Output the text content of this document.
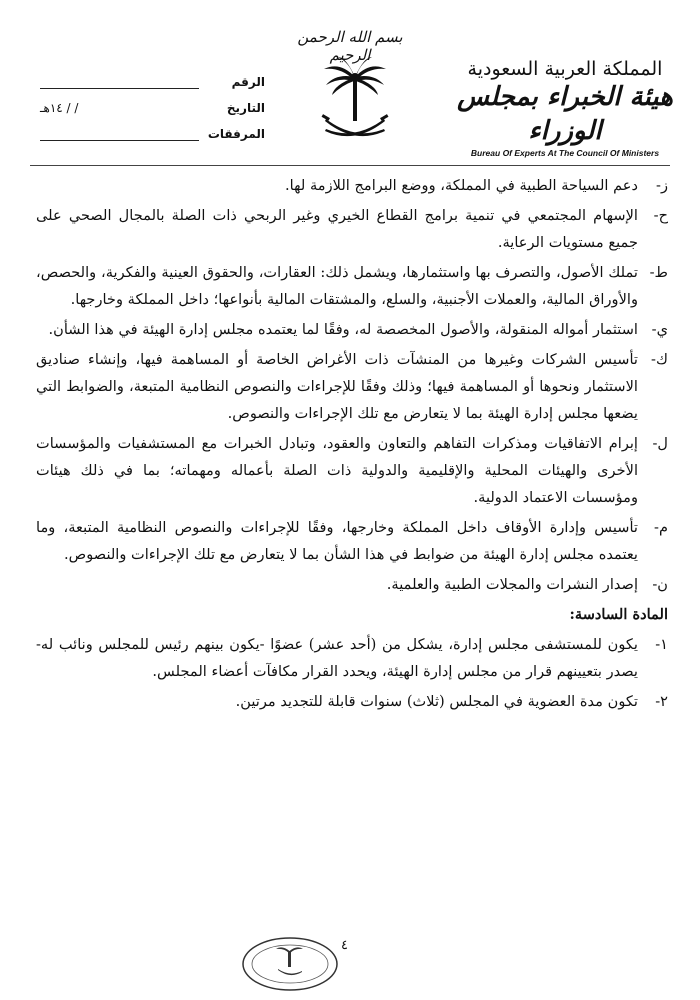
بسم الله الرحمن الرحيم
المملكة العربية السعودية
هيئة الخبراء بمجلس الوزراء
Bureau Of Experts At The Council Of Ministers
الرقم
التاريخ
/ / ١٤هـ
المرفقات
ز-
دعم السياحة الطبية في المملكة، ووضع البرامج اللازمة لها.
ح-
الإسهام المجتمعي في تنمية برامج القطاع الخيري وغير الربحي ذات الصلة بالمجال الصحي على جميع مستويات الرعاية.
ط-
تملك الأصول، والتصرف بها واستثمارها، ويشمل ذلك: العقارات، والحقوق العينية والفكرية، والحصص، والأوراق المالية، والعملات الأجنبية، والسلع، والمشتقات المالية بأنواعها؛ داخل المملكة وخارجها.
ي-
استثمار أمواله المنقولة، والأصول المخصصة له، وفقًا لما يعتمده مجلس إدارة الهيئة في هذا الشأن.
ك-
تأسيس الشركات وغيرها من المنشآت ذات الأغراض الخاصة أو المساهمة فيها، وإنشاء صناديق الاستثمار ونحوها أو المساهمة فيها؛ وذلك وفقًا للإجراءات والنصوص النظامية المتبعة، والضوابط التي يضعها مجلس إدارة الهيئة بما لا يتعارض مع تلك الإجراءات والنصوص.
ل-
إبرام الاتفاقيات ومذكرات التفاهم والتعاون والعقود، وتبادل الخبرات مع المستشفيات والمؤسسات الأخرى والهيئات المحلية والإقليمية والدولية ذات الصلة بأعماله ومهماته؛ بما في ذلك هيئات ومؤسسات الاعتماد الدولية.
م-
تأسيس وإدارة الأوقاف داخل المملكة وخارجها، وفقًا للإجراءات والنصوص النظامية المتبعة، وما يعتمده مجلس إدارة الهيئة من ضوابط في هذا الشأن بما لا يتعارض مع تلك الإجراءات والنصوص.
ن-
إصدار النشرات والمجلات الطبية والعلمية.
المادة السادسة:
١-
يكون للمستشفى مجلس إدارة، يشكل من (أحد عشر) عضوًا -يكون بينهم رئيس للمجلس ونائب له- يصدر بتعيينهم قرار من مجلس إدارة الهيئة، ويحدد القرار مكافآت أعضاء المجلس.
٢-
تكون مدة العضوية في المجلس (ثلاث) سنوات قابلة للتجديد مرتين.
٤
